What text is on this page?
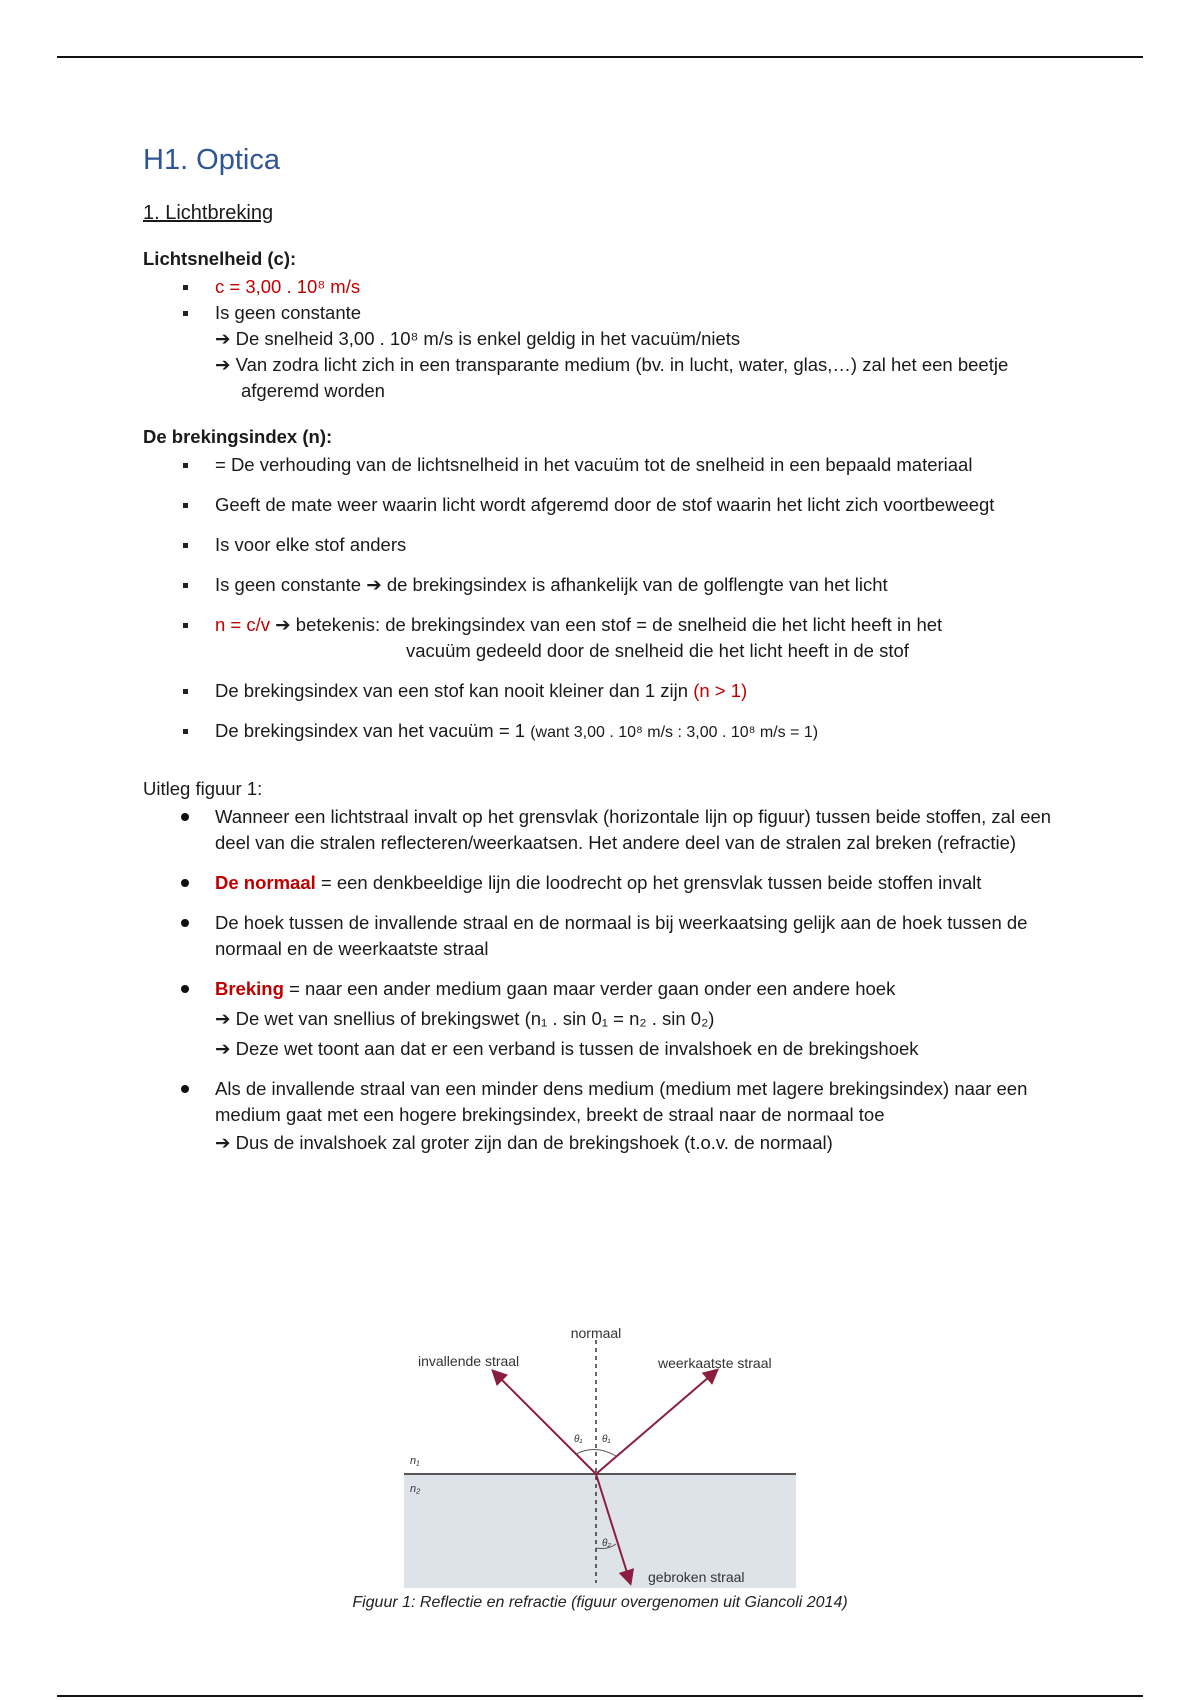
H1. Optica
1. Lichtbreking
Lichtsnelheid (c):
c = 3,00 . 10⁸ m/s
Is geen constante
➔ De snelheid 3,00 . 10⁸ m/s is enkel geldig in het vacuüm/niets
➔ Van zodra licht zich in een transparante medium (bv. in lucht, water, glas,…) zal het een beetje afgeremd worden
De brekingsindex (n):
= De verhouding van de lichtsnelheid in het vacuüm tot de snelheid in een bepaald materiaal
Geeft de mate weer waarin licht wordt afgeremd door de stof waarin het licht zich voortbeweegt
Is voor elke stof anders
Is geen constante ➔ de brekingsindex is afhankelijk van de golflengte van het licht
n = c/v ➔ betekenis: de brekingsindex van een stof = de snelheid die het licht heeft in het
vacuüm gedeeld door de snelheid die het licht heeft in de stof
De brekingsindex van een stof kan nooit kleiner dan 1 zijn (n > 1)
De brekingsindex van het vacuüm = 1 (want 3,00 . 10⁸ m/s : 3,00 . 10⁸ m/s = 1)
Uitleg figuur 1:
Wanneer een lichtstraal invalt op het grensvlak (horizontale lijn op figuur) tussen beide stoffen, zal een deel van die stralen reflecteren/weerkaatsen. Het andere deel van de stralen zal breken (refractie)
De normaal = een denkbeeldige lijn die loodrecht op het grensvlak tussen beide stoffen invalt
De hoek tussen de invallende straal en de normaal is bij weerkaatsing gelijk aan de hoek tussen de normaal en de weerkaatste straal
Breking = naar een ander medium gaan maar verder gaan onder een andere hoek
➔ De wet van snellius of brekingswet (n₁ . sin 0₁ = n₂ . sin 0₂)
➔ Deze wet toont aan dat er een verband is tussen de invalshoek en de brekingshoek
Als de invallende straal van een minder dens medium (medium met lagere brekingsindex) naar een medium gaat met een hogere brekingsindex, breekt de straal naar de normaal toe
➔ Dus de invalshoek zal groter zijn dan de brekingshoek (t.o.v. de normaal)
normaal
invallende straal	weerkaatste straal
gebroken straal
n₁
n₂
θ₁ θ₁
θ₂
Figuur 1: Reflectie en refractie (figuur overgenomen uit Giancoli 2014)
